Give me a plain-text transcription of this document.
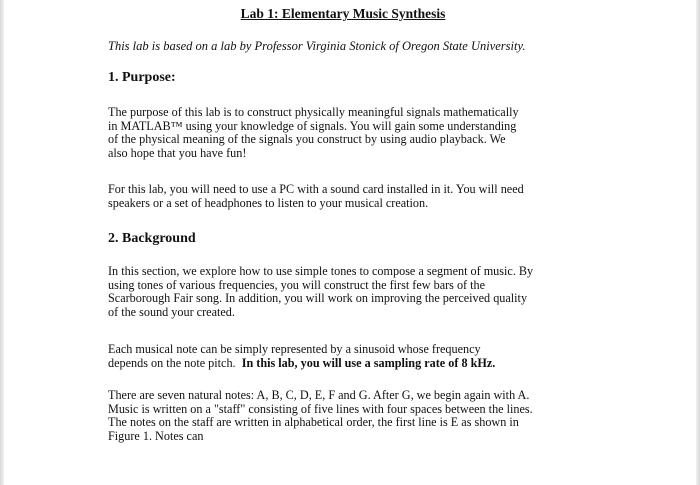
Lab 1: Elementary Music Synthesis
This lab is based on a lab by Professor Virginia Stonick of Oregon State University.
1. Purpose:
The purpose of this lab is to construct physically meaningful signals mathematically
in MATLAB™ using your knowledge of signals. You will gain some understanding
of the physical meaning of the signals you construct by using audio playback. We
also hope that you have fun!
For this lab, you will need to use a PC with a sound card installed in it. You will need
speakers or a set of headphones to listen to your musical creation.
2. Background
In this section, we explore how to use simple tones to compose a segment of music. By
using tones of various frequencies, you will construct the first few bars of the
Scarborough Fair song. In addition, you will work on improving the perceived quality
of the sound your created.
Each musical note can be simply represented by a sinusoid whose frequency
depends on the note pitch.  In this lab, you will use a sampling rate of 8 kHz.
There are seven natural notes: A, B, C, D, E, F and G. After G, we begin again with A.
Music is written on a "staff" consisting of five lines with four spaces between the lines.
The notes on the staff are written in alphabetical order, the first line is E as shown in
Figure 1. Notes can
